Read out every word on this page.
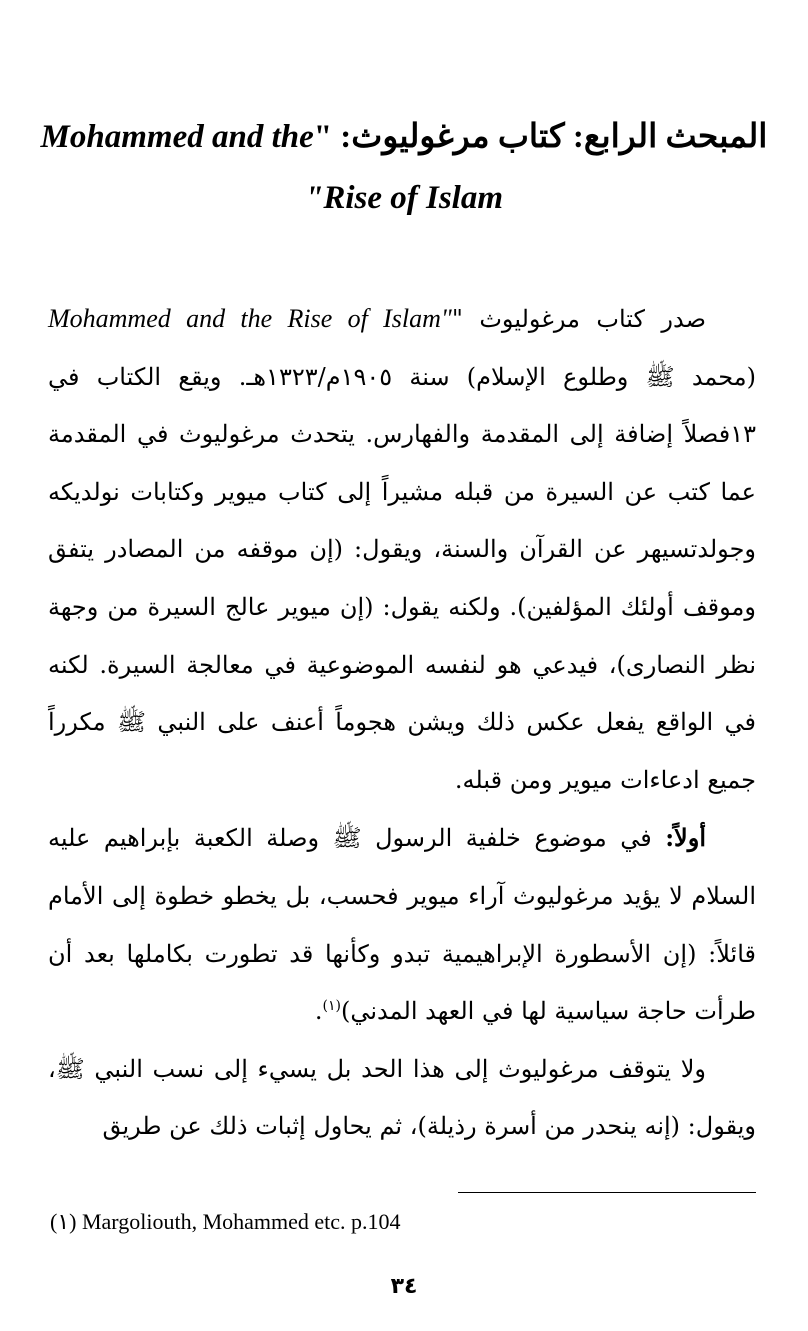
المبحث الرابع: كتاب مرغوليوث: "Mohammed and the
"Rise of Islam

صدر كتاب مرغوليوث "Mohammed and the Rise of Islam" (محمد ﷺ وطلوع الإسلام) سنة ١٩٠٥م/١٣٢٣هـ. ويقع الكتاب في ١٣فصلاً إضافة إلى المقدمة والفهارس. يتحدث مرغوليوث في المقدمة عما كتب عن السيرة من قبله مشيراً إلى كتاب ميوير وكتابات نولديكه وجولدتسيهر عن القرآن والسنة، ويقول: (إن موقفه من المصادر يتفق وموقف أولئك المؤلفين). ولكنه يقول: (إن ميوير عالج السيرة من وجهة نظر النصارى)، فيدعي هو لنفسه الموضوعية في معالجة السيرة. لكنه في الواقع يفعل عكس ذلك ويشن هجوماً أعنف على النبي ﷺ مكرراً جميع ادعاءات ميوير ومن قبله.

أولاً: في موضوع خلفية الرسول ﷺ وصلة الكعبة بإبراهيم عليه السلام لا يؤيد مرغوليوث آراء ميوير فحسب، بل يخطو خطوة إلى الأمام قائلاً: (إن الأسطورة الإبراهيمية تبدو وكأنها قد تطورت بكاملها بعد أن طرأت حاجة سياسية لها في العهد المدني)$^{(١)}$.

ولا يتوقف مرغوليوث إلى هذا الحد بل يسيء إلى نسب النبي ﷺ، ويقول: (إنه ينحدر من أسرة رذيلة)، ثم يحاول إثبات ذلك عن طريق

(١) Margoliouth, Mohammed etc. p.104
٣٤
